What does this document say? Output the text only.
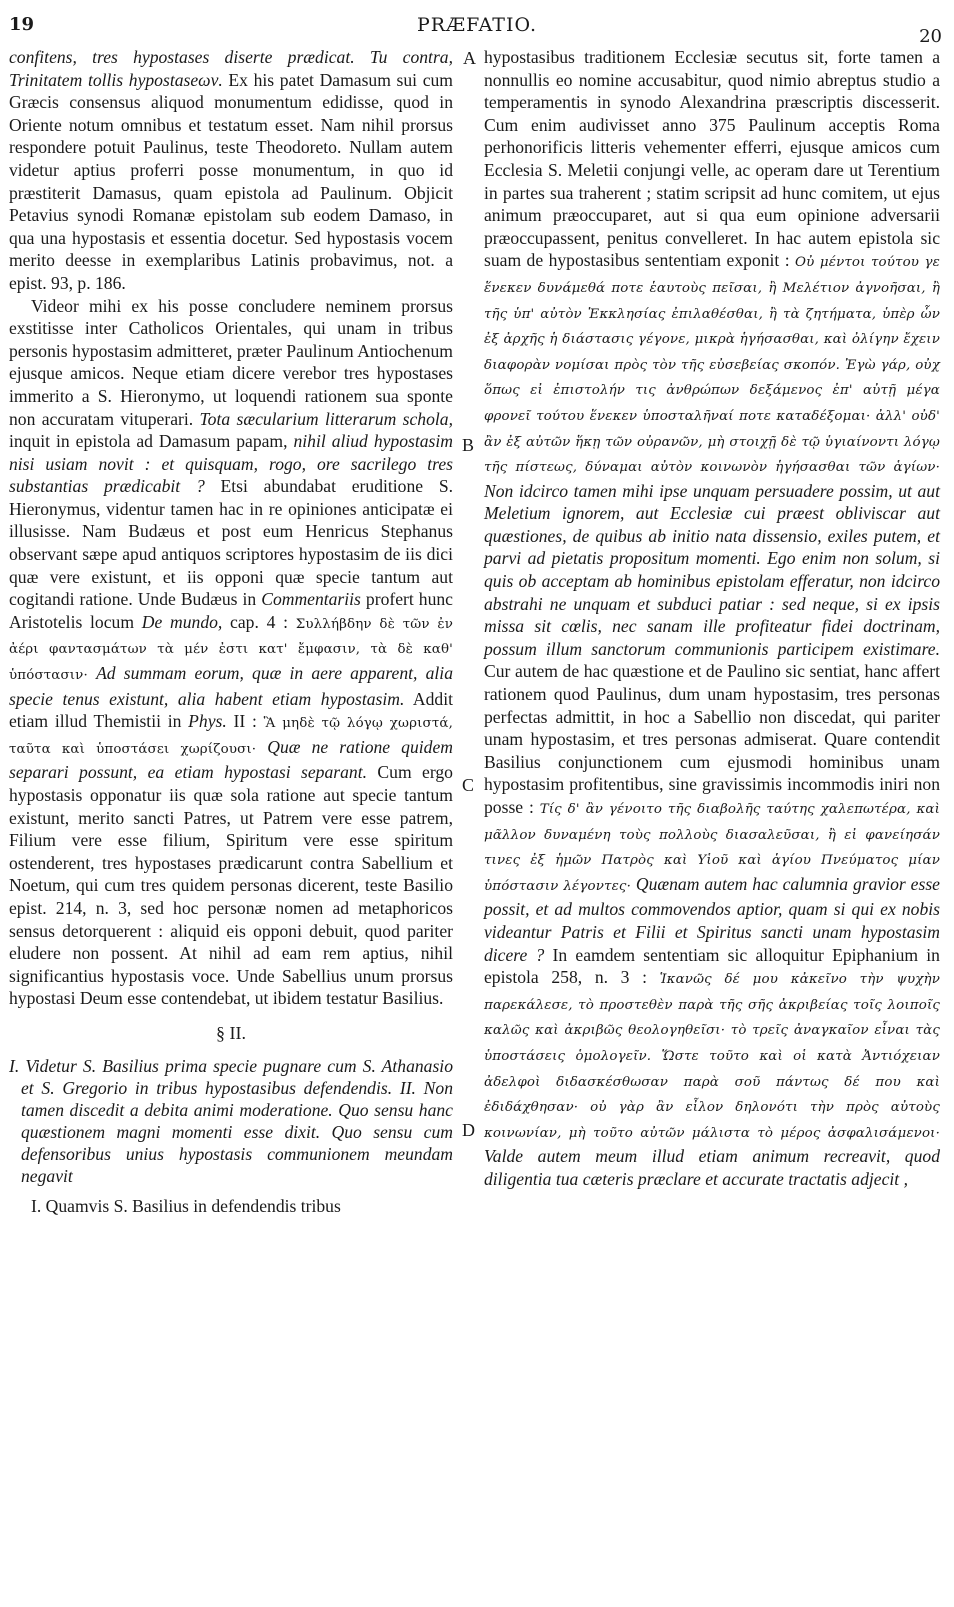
19	PRÆFATIO.
20
A
B
C
D

confitens, tres hypostases diserte prædicat. Tu contra, Trinitatem tollis hypostaseων. Ex his patet Damasum sui cum Græcis consensus aliquod monumentum edidisse, quod in Oriente notum omnibus et testatum esset. Nam nihil prorsus respondere potuit Paulinus, teste Theodoreto. Nullam autem videtur aptius proferri posse monumentum, in quo id præstiterit Damasus, quam epistola ad Paulinum. Objicit Petavius synodi Romanæ epistolam sub eodem Damaso, in qua una hypostasis et essentia docetur. Sed hypostasis vocem merito deesse in exemplaribus Latinis probavimus, not. a epist. 93, p. 186.

Videor mihi ex his posse concludere neminem prorsus exstitisse inter Catholicos Orientales, qui unam in tribus personis hypostasim admitteret, præter Paulinum Antiochenum ejusque amicos. Neque etiam dicere verebor tres hypostases immerito a S. Hieronymo, ut loquendi rationem sua sponte non accuratam vituperari. Tota sæcularium litterarum schola, inquit in epistola ad Damasum papam, nihil aliud hypostasim nisi usiam novit : et quisquam, rogo, ore sacrilego tres substantias prædicabit ? Etsi abundabat eruditione S. Hieronymus, videntur tamen hac in re opiniones anticipatæ ei illusisse. Nam Budæus et post eum Henricus Stephanus observant sæpe apud antiquos scriptores hypostasim de iis dici quæ vere existunt, et iis opponi quæ specie tantum aut cogitandi ratione. Unde Budæus in Commentariis profert hunc Aristotelis locum De mundo, cap. 4 : Συλλήβδην δὲ τῶν ἐν ἀέρι φαντασμάτων τὰ μέν ἐστι κατ' ἔμφασιν, τὰ δὲ καθ' ὑπόστασιν· Ad summam eorum, quæ in aere apparent, alia specie tenus existunt, alia habent etiam hypostasim. Addit etiam illud Themistii in Phys. II : Ἃ μηδὲ τῷ λόγῳ χωριστά, ταῦτα καὶ ὑποστάσει χωρίζουσι· Quæ ne ratione quidem separari possunt, ea etiam hypostasi separant. Cum ergo hypostasis opponatur iis quæ sola ratione aut specie tantum existunt, merito sancti Patres, ut Patrem vere esse patrem, Filium vere esse filium, Spiritum vere esse spiritum ostenderent, tres hypostases prædicarunt contra Sabellium et Noetum, qui cum tres quidem personas dicerent, teste Basilio epist. 214, n. 3, sed hoc personæ nomen ad metaphoricos sensus detorquerent : aliquid eis opponi debuit, quod pariter eludere non possent. At nihil ad eam rem aptius, nihil significantius hypostasis voce. Unde Sabellius unum prorsus hypostasi Deum esse contendebat, ut ibidem testatur Basilius.

§ II.

I. Videtur S. Basilius prima specie pugnare cum S. Athanasio et S. Gregorio in tribus hypostasibus defendendis. II. Non tamen discedit a debita animi moderatione. Quo sensu hanc quæstionem magni momenti esse dixit. Quo sensu cum defensoribus unius hypostasis communionem meundam negavit

I. Quamvis S. Basilius in defendendis tribus

hypostasibus traditionem Ecclesiæ secutus sit, forte tamen a nonnullis eo nomine accusabitur, quod nimio abreptus studio a temperamentis in synodo Alexandrina præscriptis discesserit. Cum enim audivisset anno 375 Paulinum acceptis Roma perhonorificis litteris vehementer efferri, ejusque amicos cum Ecclesia S. Meletii conjungi velle, ac operam dare ut Terentium in partes sua traherent ; statim scripsit ad hunc comitem, ut ejus animum præoccuparet, aut si qua eum opinione adversarii præoccupassent, penitus convelleret. In hac autem epistola sic suam de hypostasibus sententiam exponit : Οὐ μέντοι τούτου γε ἕνεκεν δυνάμεθά ποτε ἑαυτοὺς πεῖσαι, ἢ Μελέτιον ἀγνοῆσαι, ἢ τῆς ὑπ' αὐτὸν Ἐκκλησίας ἐπιλαθέσθαι, ἢ τὰ ζητήματα, ὑπὲρ ὧν ἐξ ἀρχῆς ἡ διάστασις γέγονε, μικρὰ ἡγήσασθαι, καὶ ὀλίγην ἔχειν διαφορὰν νομίσαι πρὸς τὸν τῆς εὐσεβείας σκοπόν. Ἐγὼ γάρ, οὐχ ὅπως εἰ ἐπιστολήν τις ἀνθρώπων δεξάμενος ἐπ' αὐτῇ μέγα φρονεῖ τούτου ἕνεκεν ὑποσταλῆναί ποτε καταδέξομαι· ἀλλ' οὐδ' ἂν ἐξ αὐτῶν ἥκῃ τῶν οὐρανῶν, μὴ στοιχῇ δὲ τῷ ὑγιαίνοντι λόγῳ τῆς πίστεως, δύναμαι αὐτὸν κοινωνὸν ἡγήσασθαι τῶν ἁγίων· Non idcirco tamen mihi ipse unquam persuadere possim, ut aut Meletium ignorem, aut Ecclesiæ cui præest obliviscar aut quæstiones, de quibus ab initio nata dissensio, exiles putem, et parvi ad pietatis propositum momenti. Ego enim non solum, si quis ob acceptam ab hominibus epistolam efferatur, non idcirco abstrahi ne unquam et subduci patiar : sed neque, si ex ipsis missa sit cœlis, nec sanam ille profiteatur fidei doctrinam, possum illum sanctorum communionis participem existimare. Cur autem de hac quæstione et de Paulino sic sentiat, hanc affert rationem quod Paulinus, dum unam hypostasim, tres personas perfectas admittit, in hoc a Sabellio non discedat, qui pariter unam hypostasim, et tres personas admiserat. Quare contendit Basilius conjunctionem cum ejusmodi hominibus unam hypostasim profitentibus, sine gravissimis incommodis iniri non posse : Τίς δ' ἂν γένοιτο τῆς διαβολῆς ταύτης χαλεπωτέρα, καὶ μᾶλλον δυναμένη τοὺς πολλοὺς διασαλεῦσαι, ἢ εἰ φανείησάν τινες ἐξ ἡμῶν Πατρὸς καὶ Υἱοῦ καὶ ἁγίου Πνεύματος μίαν ὑπόστασιν λέγοντες· Quænam autem hac calumnia gravior esse possit, et ad multos commovendos aptior, quam si qui ex nobis videantur Patris et Filii et Spiritus sancti unam hypostasim dicere ? In eamdem sententiam sic alloquitur Epiphanium in epistola 258, n. 3 : Ἱκανῶς δέ μου κἀκεῖνο τὴν ψυχὴν παρεκάλεσε, τὸ προστεθὲν παρὰ τῆς σῆς ἀκριβείας τοῖς λοιποῖς καλῶς καὶ ἀκριβῶς θεολογηθεῖσι· τὸ τρεῖς ἀναγκαῖον εἶναι τὰς ὑποστάσεις ὁμολογεῖν. Ὥστε τοῦτο καὶ οἱ κατὰ Ἀντιόχειαν ἀδελφοὶ διδασκέσθωσαν παρὰ σοῦ πάντως δέ που καὶ ἐδιδάχθησαν· οὐ γὰρ ἂν εἶλον δηλονότι τὴν πρὸς αὐτοὺς κοινωνίαν, μὴ τοῦτο αὐτῶν μάλιστα τὸ μέρος ἀσφαλισάμενοι· Valde autem meum illud etiam animum recreavit, quod diligentia tua cæteris præclare et accurate tractatis adjecit ,
